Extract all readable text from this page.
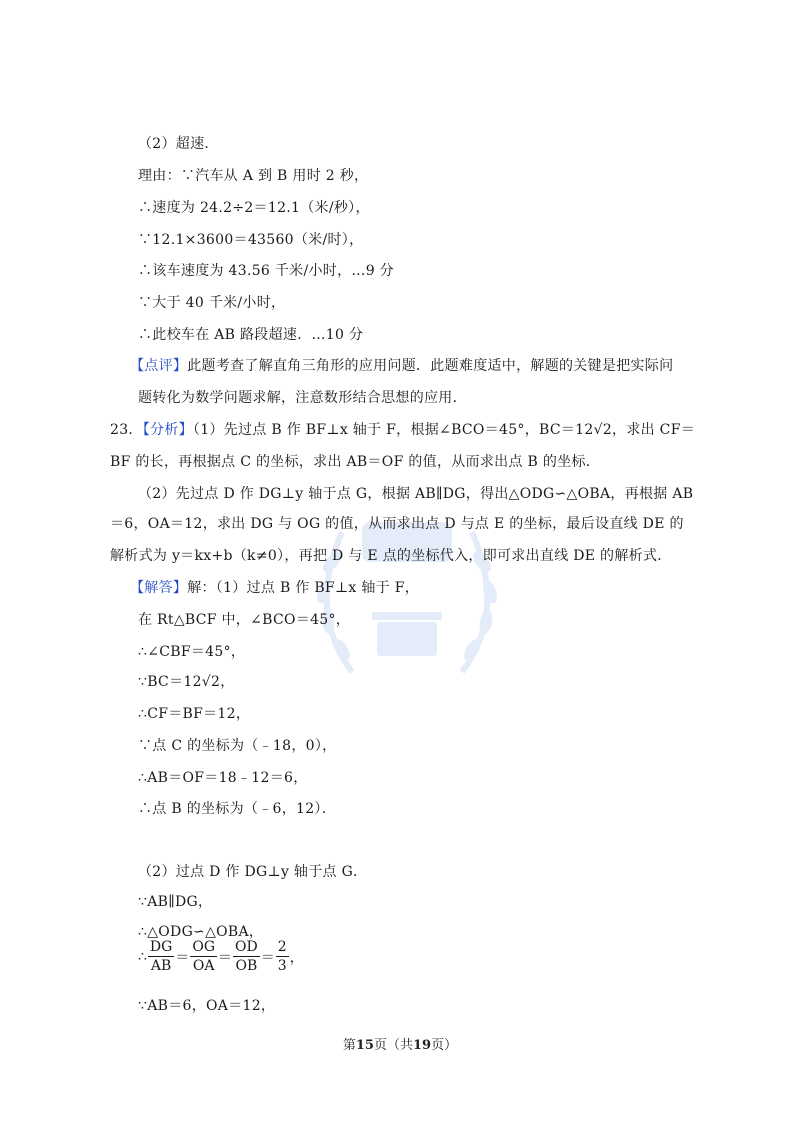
（2）超速．
理由：∵汽车从 A 到 B 用时 2 秒，
∴速度为 24.2÷2＝12.1（米/秒），
∵12.1×3600＝43560（米/时），
∴该车速度为 43.56 千米/小时，…9 分
∵大于 40 千米/小时，
∴此校车在 AB 路段超速．…10 分
【点评】此题考查了解直角三角形的应用问题．此题难度适中，解题的关键是把实际问
题转化为数学问题求解，注意数形结合思想的应用．
23．【分析】（1）先过点 B 作 BF⊥x 轴于 F，根据∠BCO＝45°，BC＝12√2，求出 CF＝
BF 的长，再根据点 C 的坐标，求出 AB＝OF 的值，从而求出点 B 的坐标．
（2）先过点 D 作 DG⊥y 轴于点 G，根据 AB∥DG，得出△ODG∽△OBA，再根据 AB
＝6，OA＝12，求出 DG 与 OG 的值，从而求出点 D 与点 E 的坐标，最后设直线 DE 的
解析式为 y＝kx+b（k≠0），再把 D 与 E 点的坐标代入，即可求出直线 DE 的解析式．
【解答】解：（1）过点 B 作 BF⊥x 轴于 F，
在 Rt△BCF 中，∠BCO＝45°，
∴∠CBF＝45°，
∵BC＝12√2，
∴CF＝BF＝12，
∵点 C 的坐标为（﹣18，0），
∴AB＝OF＝18﹣12＝6，
∴点 B 的坐标为（﹣6，12）．
（2）过点 D 作 DG⊥y 轴于点 G．
∵AB∥DG，
∴△ODG∽△OBA，
∴ $\frac{DG}{AB} = \frac{OG}{OA} = \frac{OD}{OB} = \frac{2}{3}$ ，
∵AB＝6，OA＝12，
第15页（共19页）
